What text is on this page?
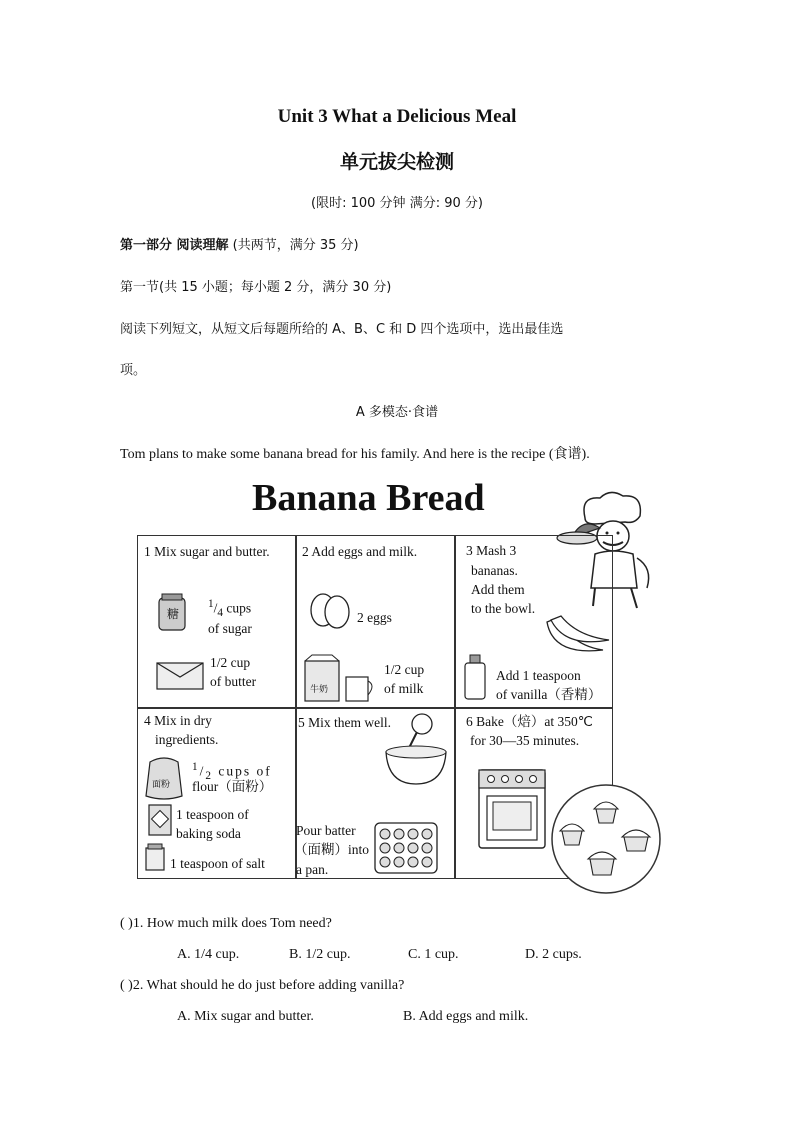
Unit 3 What a Delicious Meal
单元拔尖检测
(限时: 100 分钟 满分: 90 分)
第一部分 阅读理解 (共两节，满分 35 分)
第一节(共 15 小题；每小题 2 分，满分 30 分)
阅读下列短文，从短文后每题所给的 A、B、C 和 D 四个选项中，选出最佳选
项。
A 多模态·食谱
Tom plans to make some banana bread for his family. And here is the recipe (食谱).
Banana Bread
1 Mix sugar and butter.
糖
$^1/_4$ cups
of sugar
1/2 cup
of butter
2 Add eggs and milk.
2 eggs
牛奶
1/2 cup
of milk
3 Mash 3
bananas.
Add them
to the bowl.
Add 1 teaspoon
of vanilla（香精）
4 Mix in dry
ingredients.
面粉
$^1/_2$ cups of
flour（面粉）
1 teaspoon of
baking soda
1 teaspoon of salt
5 Mix them well.
Pour batter
（面糊）into
a pan.
6 Bake（焙）at 350℃
for 30—35 minutes.
( )1. How much milk does Tom need?
A. 1/4 cup.	B. 1/2 cup.	C. 1 cup.	D. 2 cups.
( )2. What should he do just before adding vanilla?
A. Mix sugar and butter.	B. Add eggs and milk.
